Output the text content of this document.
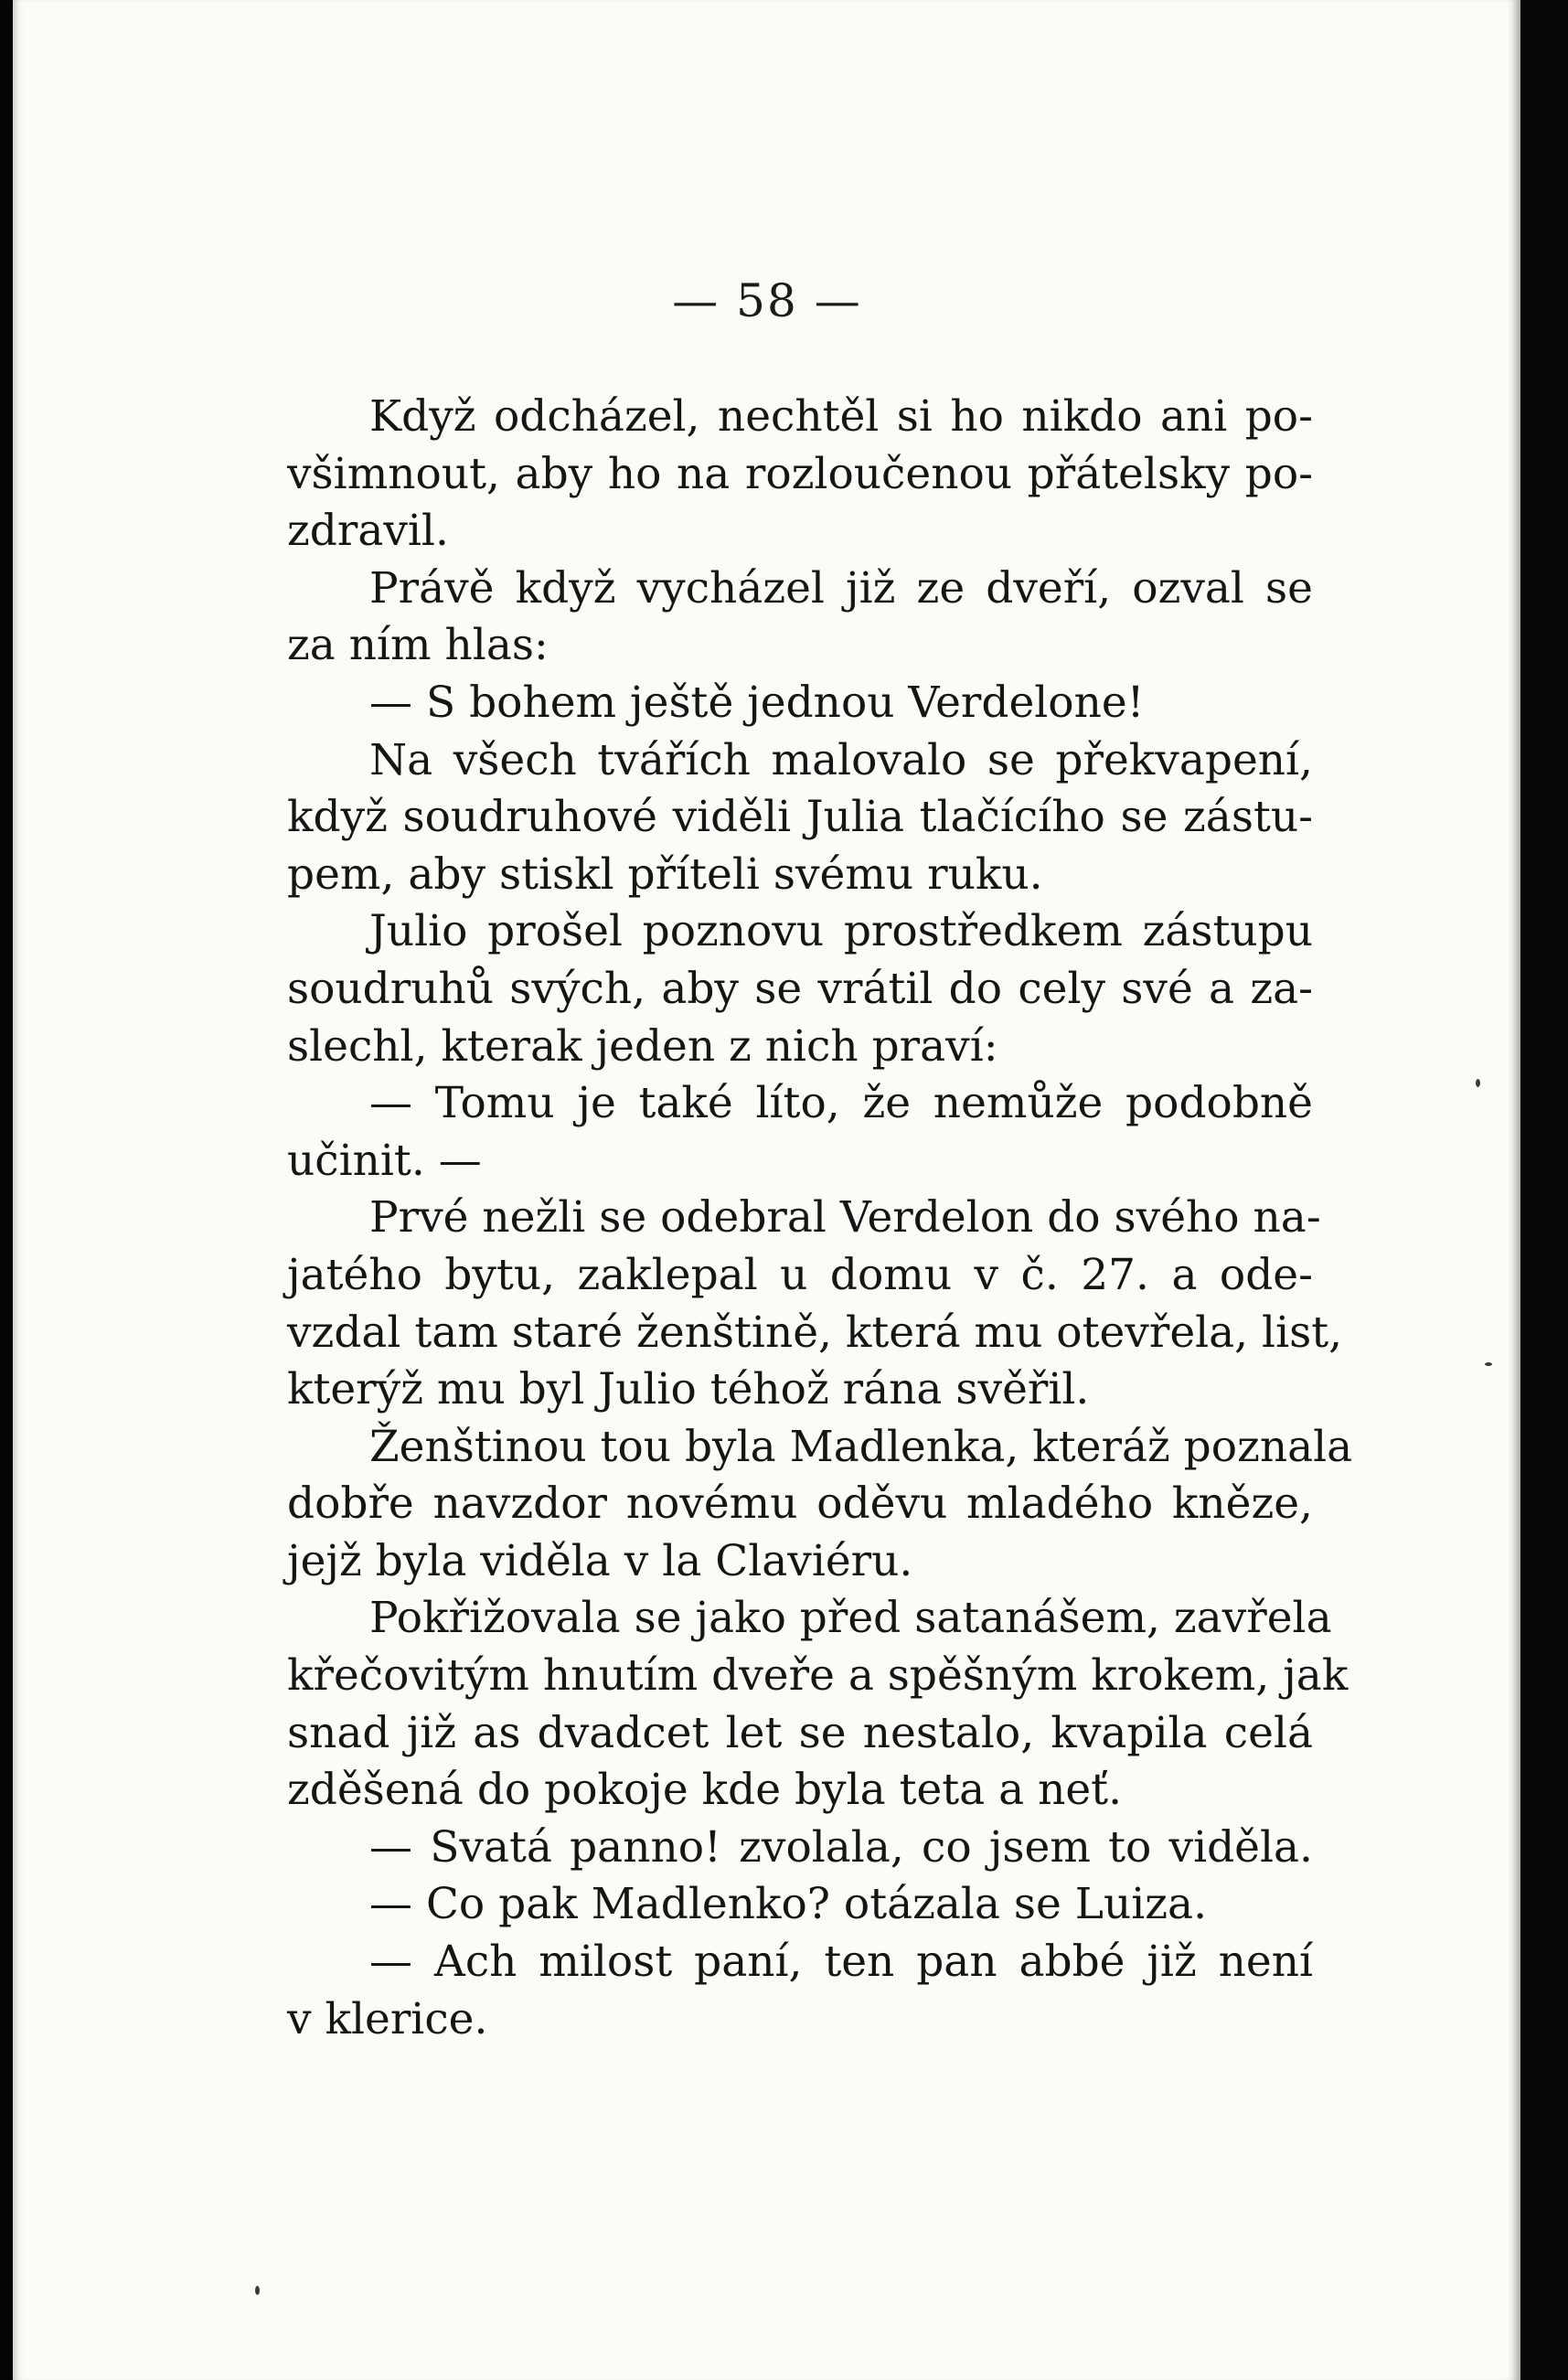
— 58 —
Když odcházel, nechtěl si ho nikdo ani po-
všimnout, aby ho na rozloučenou přátelsky po-
zdravil.
Právě když vycházel již ze dveří, ozval se
za ním hlas:
— S bohem ještě jednou Verdelone!
Na všech tvářích malovalo se překvapení,
když soudruhové viděli Julia tlačícího se zástu-
pem, aby stiskl příteli svému ruku.
Julio prošel poznovu prostředkem zástupu
soudruhů svých, aby se vrátil do cely své a za-
slechl, kterak jeden z nich praví:
— Tomu je také líto, že nemůže podobně
učinit. —
Prvé nežli se odebral Verdelon do svého na-
jatého bytu, zaklepal u domu v č. 27. a ode-
vzdal tam staré ženštině, která mu otevřela, list,
kterýž mu byl Julio téhož rána svěřil.
Ženštinou tou byla Madlenka, kteráž poznala
dobře navzdor novému oděvu mladého kněze,
jejž byla viděla v la Claviéru.
Pokřižovala se jako před satanášem, zavřela
křečovitým hnutím dveře a spěšným krokem, jak
snad již as dvadcet let se nestalo, kvapila celá
zděšená do pokoje kde byla teta a neť.
— Svatá panno! zvolala, co jsem to viděla.
— Co pak Madlenko? otázala se Luiza.
— Ach milost paní, ten pan abbé již není
v klerice.
